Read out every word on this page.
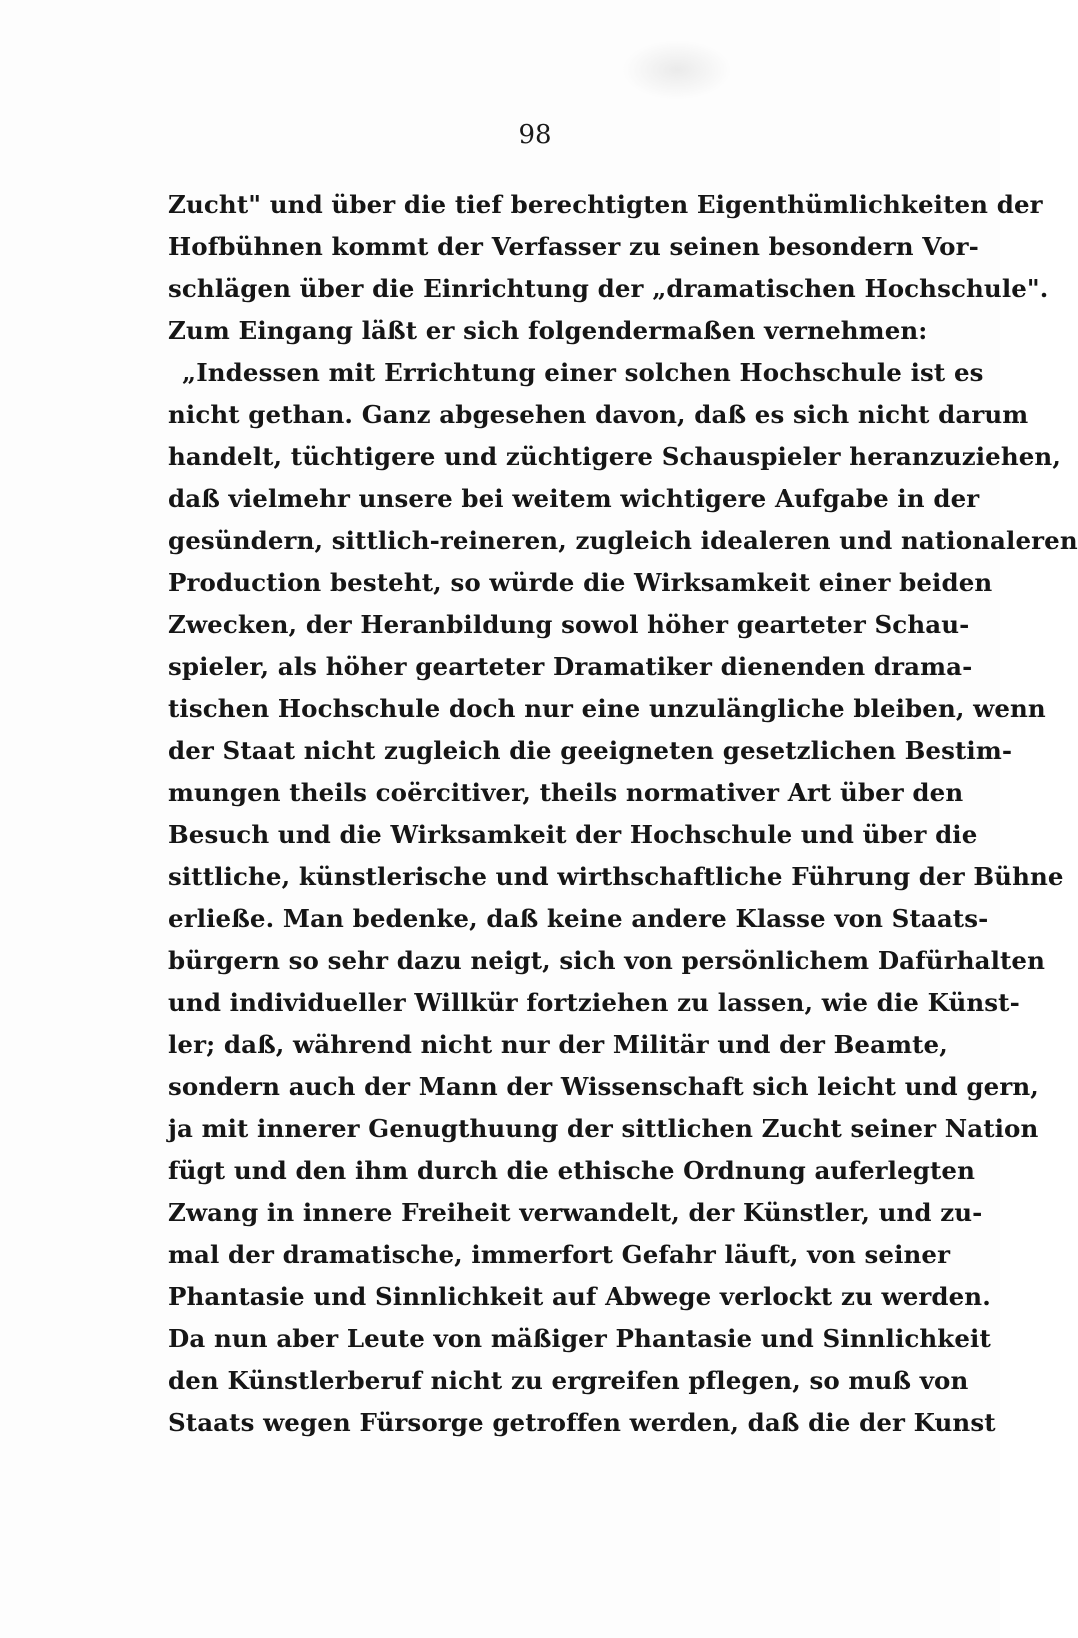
98
Zucht" und über die tief berechtigten Eigenthümlichkeiten der
Hofbühnen kommt der Verfasser zu seinen besondern Vor-
schlägen über die Einrichtung der „dramatischen Hochschule".
Zum Eingang läßt er sich folgendermaßen vernehmen:
„Indessen mit Errichtung einer solchen Hochschule ist es
nicht gethan. Ganz abgesehen davon, daß es sich nicht darum
handelt, tüchtigere und züchtigere Schauspieler heranzuziehen,
daß vielmehr unsere bei weitem wichtigere Aufgabe in der
gesündern, sittlich-reineren, zugleich idealeren und nationaleren
Production besteht, so würde die Wirksamkeit einer beiden
Zwecken, der Heranbildung sowol höher gearteter Schau-
spieler, als höher gearteter Dramatiker dienenden drama-
tischen Hochschule doch nur eine unzulängliche bleiben, wenn
der Staat nicht zugleich die geeigneten gesetzlichen Bestim-
mungen theils coërcitiver, theils normativer Art über den
Besuch und die Wirksamkeit der Hochschule und über die
sittliche, künstlerische und wirthschaftliche Führung der Bühne
erließe. Man bedenke, daß keine andere Klasse von Staats-
bürgern so sehr dazu neigt, sich von persönlichem Dafürhalten
und individueller Willkür fortziehen zu lassen, wie die Künst-
ler; daß, während nicht nur der Militär und der Beamte,
sondern auch der Mann der Wissenschaft sich leicht und gern,
ja mit innerer Genugthuung der sittlichen Zucht seiner Nation
fügt und den ihm durch die ethische Ordnung auferlegten
Zwang in innere Freiheit verwandelt, der Künstler, und zu-
mal der dramatische, immerfort Gefahr läuft, von seiner
Phantasie und Sinnlichkeit auf Abwege verlockt zu werden.
Da nun aber Leute von mäßiger Phantasie und Sinnlichkeit
den Künstlerberuf nicht zu ergreifen pflegen, so muß von
Staats wegen Fürsorge getroffen werden, daß die der Kunst
